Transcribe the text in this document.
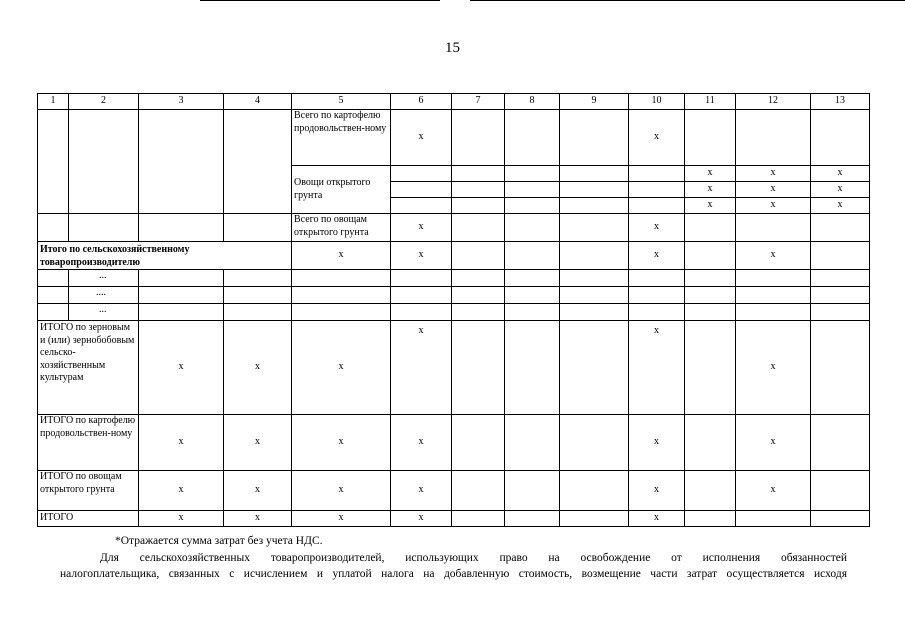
15
1	2	3	4	5	6	7	8	9	10	11	12	13
				Всего по картофелю продовольствен-ному	x				x			
				Овощи открытого грунта						x	x	x
										x	x	x
										x	x	x
				Всего по овощам открытого грунта	x				x			
Итого по сельскохозяйственному товаропроизводителю				x	x				x		x	
	...											
	....											
	...											
ИТОГО по зерновым и (или) зернобобовым сельско-хозяйственным культурам		x	x	x	x				x		x	
ИТОГО по картофелю продовольствен-ному		x	x	x	x				x		x	
ИТОГО по овощам открытого грунта		x	x	x	x				x		x	
ИТОГО		x	x	x	x				x			
*Отражается сумма затрат без учета НДС.
Для сельскохозяйственных товаропроизводителей, использующих право на освобождение от исполнения обязанностей
налогоплательщика, связанных с исчислением и уплатой налога на добавленную стоимость, возмещение части затрат осуществляется исходя
